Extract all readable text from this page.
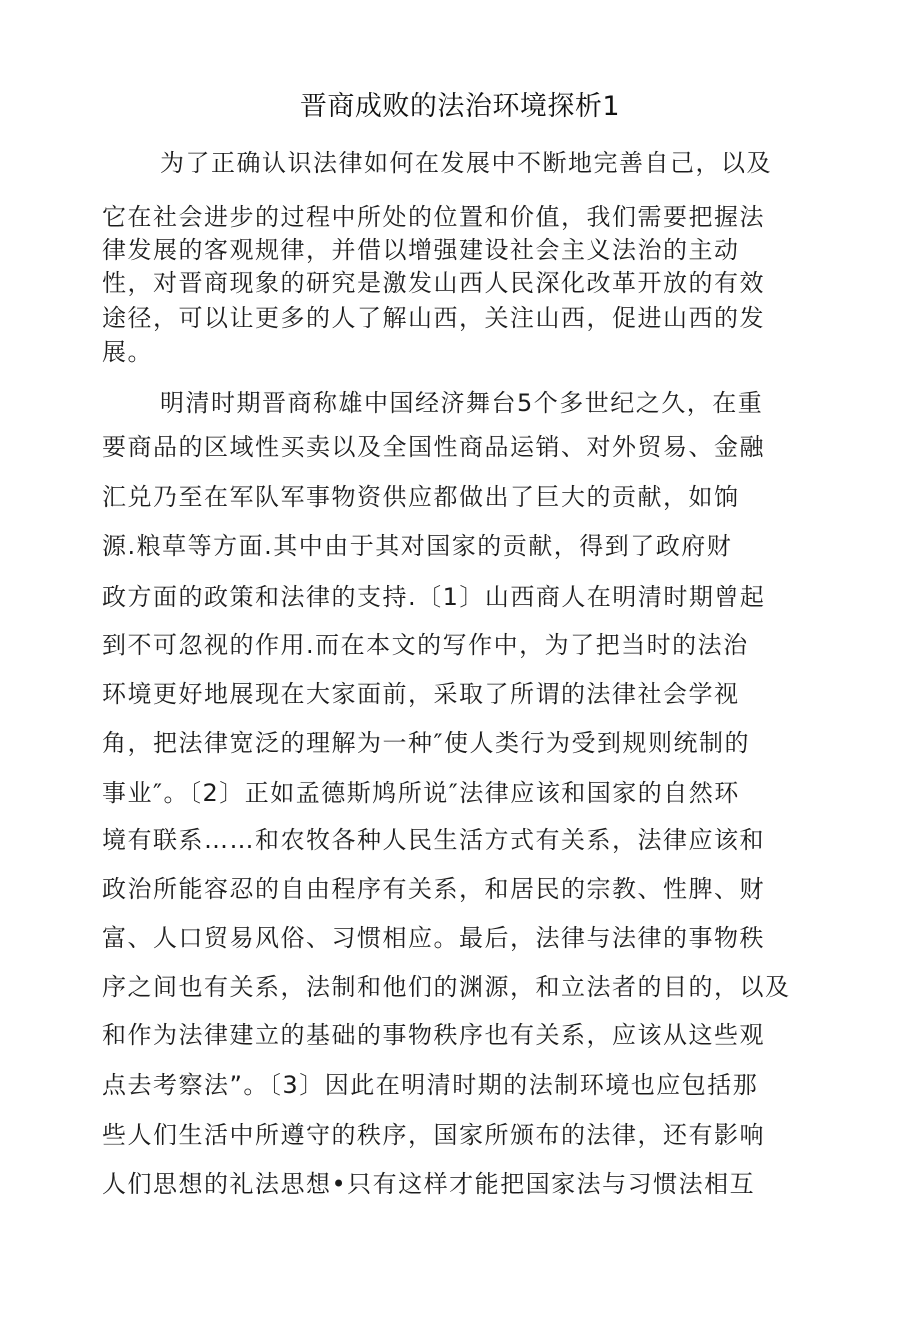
晋商成败的法治环境探析1
为了正确认识法律如何在发展中不断地完善自己，以及
它在社会进步的过程中所处的位置和价值，我们需要把握法
律发展的客观规律，并借以增强建设社会主义法治的主动
性，对晋商现象的研究是激发山西人民深化改革开放的有效
途径，可以让更多的人了解山西，关注山西，促进山西的发
展。
明清时期晋商称雄中国经济舞台5个多世纪之久，在重
要商品的区域性买卖以及全国性商品运销、对外贸易、金融
汇兑乃至在军队军事物资供应都做出了巨大的贡献，如饷
源.粮草等方面.其中由于其对国家的贡献，得到了政府财
政方面的政策和法律的支持.〔1〕山西商人在明清时期曾起
到不可忽视的作用.而在本文的写作中，为了把当时的法治
环境更好地展现在大家面前，采取了所谓的法律社会学视
角，把法律宽泛的理解为一种″使人类行为受到规则统制的
事业″。〔2〕正如孟德斯鸠所说″法律应该和国家的自然环
境有联系……和农牧各种人民生活方式有关系，法律应该和
政治所能容忍的自由程序有关系，和居民的宗教、性脾、财
富、人口贸易风俗、习惯相应。最后，法律与法律的事物秩
序之间也有关系，法制和他们的渊源，和立法者的目的，以及
和作为法律建立的基础的事物秩序也有关系，应该从这些观
点去考察法”。〔3〕因此在明清时期的法制环境也应包括那
些人们生活中所遵守的秩序，国家所颁布的法律，还有影响
人们思想的礼法思想•只有这样才能把国家法与习惯法相互
